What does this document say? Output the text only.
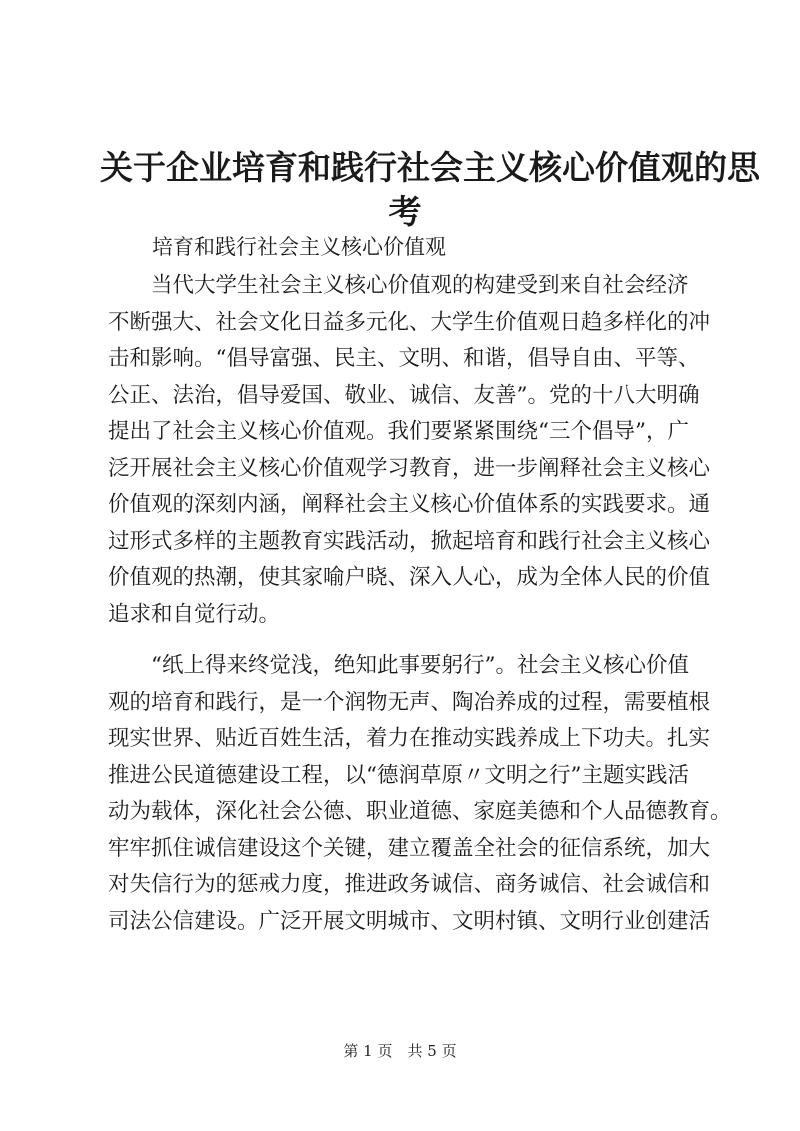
关于企业培育和践行社会主义核心价值观的思
考

培育和践行社会主义核心价值观

　　当代大学生社会主义核心价值观的构建受到来自社会经济
不断强大、社会文化日益多元化、大学生价值观日趋多样化的冲
击和影响。“倡导富强、民主、文明、和谐，倡导自由、平等、
公正、法治，倡导爱国、敬业、诚信、友善”。党的十八大明确
提出了社会主义核心价值观。我们要紧紧围绕“三个倡导”，广
泛开展社会主义核心价值观学习教育，进一步阐释社会主义核心
价值观的深刻内涵，阐释社会主义核心价值体系的实践要求。通
过形式多样的主题教育实践活动，掀起培育和践行社会主义核心
价值观的热潮，使其家喻户晓、深入人心，成为全体人民的价值
追求和自觉行动。
　　“纸上得来终觉浅，绝知此事要躬行”。社会主义核心价值
观的培育和践行，是一个润物无声、陶冶养成的过程，需要植根
现实世界、贴近百姓生活，着力在推动实践养成上下功夫。扎实
推进公民道德建设工程，以“德润草原〃文明之行”主题实践活
动为载体，深化社会公德、职业道德、家庭美德和个人品德教育。
牢牢抓住诚信建设这个关键，建立覆盖全社会的征信系统，加大
对失信行为的惩戒力度，推进政务诚信、商务诚信、社会诚信和
司法公信建设。广泛开展文明城市、文明村镇、文明行业创建活
第 1 页　共 5 页
